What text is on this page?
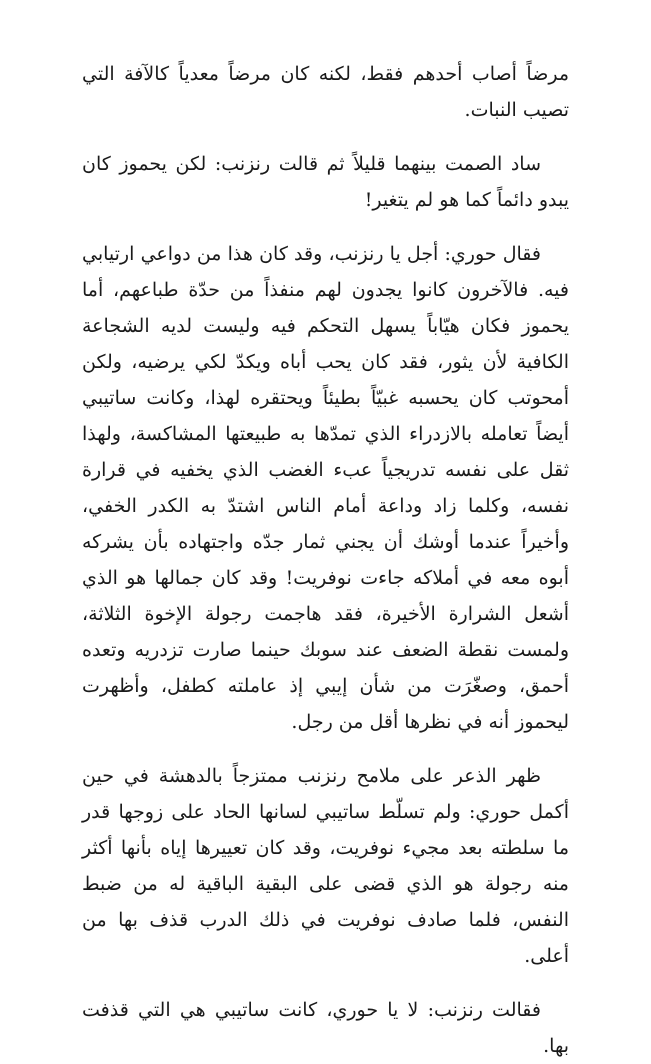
مرضاً أصاب أحدهم فقط، لكنه كان مرضاً معدياً كالآفة التي تصيب النبات.

ساد الصمت بينهما قليلاً ثم قالت رنزنب: لكن يحموز كان يبدو دائماً كما هو لم يتغير!

فقال حوري: أجل يا رنزنب، وقد كان هذا من دواعي ارتيابي فيه. فالآخرون كانوا يجدون لهم منفذاً من حدّة طباعهم، أما يحموز فكان هيّاباً يسهل التحكم فيه وليست لديه الشجاعة الكافية لأن يثور، فقد كان يحب أباه ويكدّ لكي يرضيه، ولكن أمحوتب كان يحسبه غبيّاً بطيئاً ويحتقره لهذا، وكانت ساتيبي أيضاً تعامله بالازدراء الذي تمدّها به طبيعتها المشاكسة، ولهذا ثقل على نفسه تدريجياً عبء الغضب الذي يخفيه في قرارة نفسه، وكلما زاد وداعة أمام الناس اشتدّ به الكدر الخفي، وأخيراً عندما أوشك أن يجني ثمار جدّه واجتهاده بأن يشركه أبوه معه في أملاكه جاءت نوفريت! وقد كان جمالها هو الذي أشعل الشرارة الأخيرة، فقد هاجمت رجولة الإخوة الثلاثة، ولمست نقطة الضعف عند سوبك حينما صارت تزدريه وتعده أحمق، وصغّرَت من شأن إيبي إذ عاملته كطفل، وأظهرت ليحموز أنه في نظرها أقل من رجل.

ظهر الذعر على ملامح رنزنب ممتزجاً بالدهشة في حين أكمل حوري: ولم تسلّط ساتيبي لسانها الحاد على زوجها قدر ما سلطته بعد مجيء نوفريت، وقد كان تعييرها إياه بأنها أكثر منه رجولة هو الذي قضى على البقية الباقية له من ضبط النفس، فلما صادف نوفريت في ذلك الدرب قذف بها من أعلى.

فقالت رنزنب: لا يا حوري، كانت ساتيبي هي التي قذفت بها.
